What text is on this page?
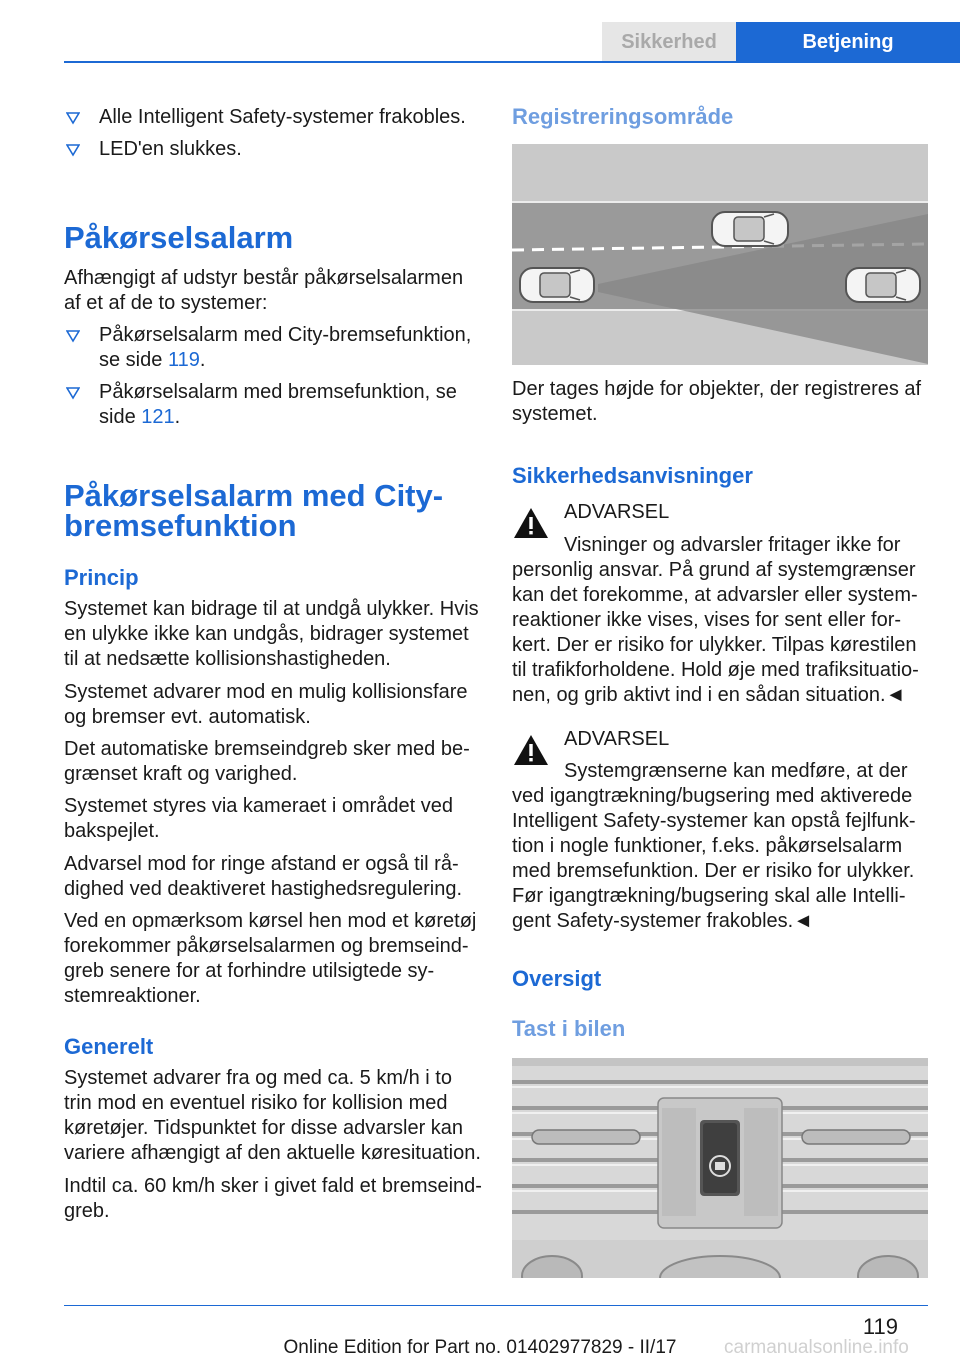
Sikkerhed	Betjening
Alle Intelligent Safety-systemer frakobles.
LED'en slukkes.
Påkørselsalarm
Afhængigt af udstyr består påkørselsalarmen
af et af de to systemer:
Påkørselsalarm med City-bremsefunktion,
se side 119.
Påkørselsalarm med bremsefunktion, se
side 121.
Påkørselsalarm med City‐
bremsefunktion
Princip
Systemet kan bidrage til at undgå ulykker. Hvis
en ulykke ikke kan undgås, bidrager systemet
til at nedsætte kollisionshastigheden.
Systemet advarer mod en mulig kollisionsfare
og bremser evt. automatisk.
Det automatiske bremseindgreb sker med be‐
grænset kraft og varighed.
Systemet styres via kameraet i området ved
bakspejlet.
Advarsel mod for ringe afstand er også til rå‐
dighed ved deaktiveret hastighedsregulering.
Ved en opmærksom kørsel hen mod et køretøj
forekommer påkørselsalarmen og bremseind‐
greb senere for at forhindre utilsigtede sy‐
stemreaktioner.
Generelt
Systemet advarer fra og med ca. 5 km/h i to
trin mod en eventuel risiko for kollision med
køretøjer. Tidspunktet for disse advarsler kan
variere afhængigt af den aktuelle køresituation.
Indtil ca. 60 km/h sker i givet fald et bremseind‐
greb.
Registreringsområde
Der tages højde for objekter, der registreres af
systemet.
Sikkerhedsanvisninger
ADVARSEL
Visninger og advarsler fritager ikke for
personlig ansvar. På grund af systemgrænser
kan det forekomme, at advarsler eller system‐
reaktioner ikke vises, vises for sent eller for‐
kert. Der er risiko for ulykker. Tilpas kørestilen
til trafikforholdene. Hold øje med trafiksituatio‐
nen, og grib aktivt ind i en sådan situation.◄
ADVARSEL
Systemgrænserne kan medføre, at der
ved igangtrækning/bugsering med aktiverede
Intelligent Safety-systemer kan opstå fejlfunk‐
tion i nogle funktioner, f.eks. påkørselsalarm
med bremsefunktion. Der er risiko for ulykker.
Før igangtrækning/bugsering skal alle Intelli‐
gent Safety-systemer frakobles.◄
Oversigt
Tast i bilen
119
carmanualsonline.info
Online Edition for Part no. 01402977829 - II/17
